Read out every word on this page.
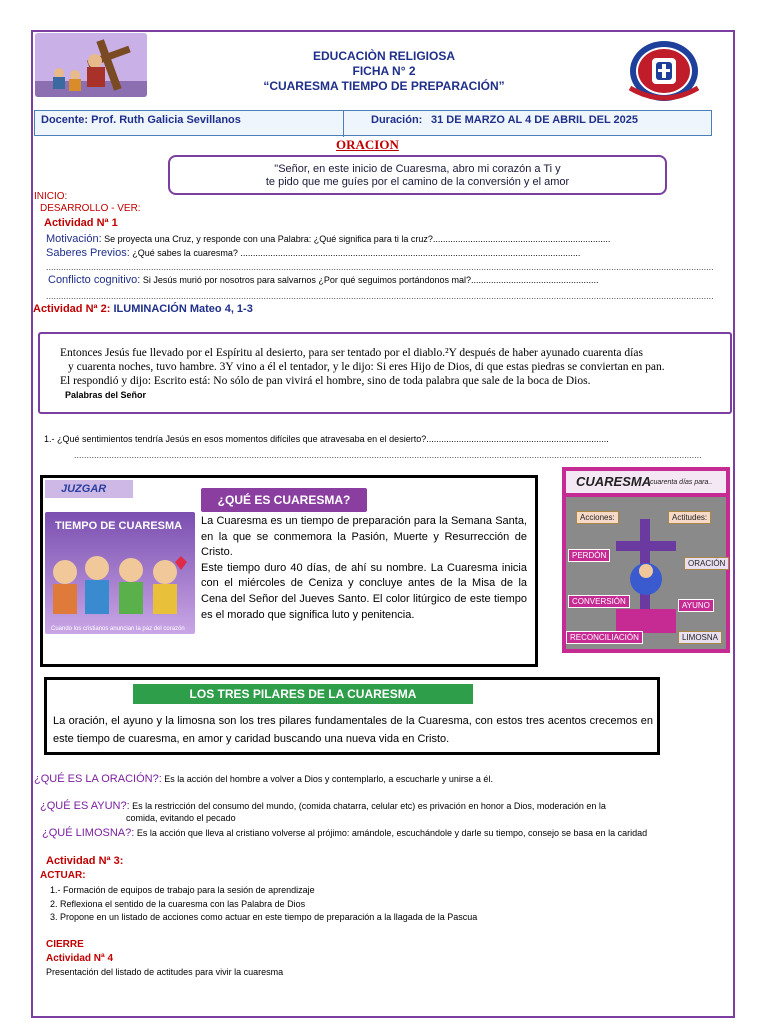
EDUCACIÒN RELIGIOSA
FICHA N° 2
“CUARESMA TIEMPO DE PREPARACIÓN”
Docente: Prof. Ruth Galicia Sevillanos	Duración: 31 DE MARZO AL 4 DE ABRIL DEL 2025
ORACION
"Señor, en este inicio de Cuaresma, abro mi corazón a Ti y
te pido que me guíes por el camino de la conversión y el amor
INICIO:
DESARROLLO - VER:
Actividad Nª 1
Motivación: Se proyecta una Cruz, y responde con una Palabra: ¿Qué significa para ti la cruz?.......................................................................
Saberes Previos: ¿Qué sabes la cuaresma? ........................................................................................................................................
...........................................................................................................................................................................................................................................................................
Conflicto cognitivo: Si Jesús murió por nosotros para salvarnos ¿Por qué seguimos portándonos mal?...................................................
...........................................................................................................................................................................................................................................................................
Actividad Nª 2: ILUMINACIÓN Mateo 4, 1-3

Entonces Jesús fue llevado por el Espíritu al desierto, para ser tentado por el diablo.²Y después de haber ayunado cuarenta días

y cuarenta noches, tuvo hambre. 3Y vino a él el tentador, y le dijo: Si eres Hijo de Dios, di que estas piedras se conviertan en pan.

El respondió y dijo: Escrito está: No sólo de pan vivirá el hombre, sino de toda palabra que sale de la boca de Dios.

Palabras del Señor

1.- ¿Qué sentimientos tendría Jesús en esos momentos difíciles que atravesaba en el desierto?.........................................................................
...........................................................................................................................................................................................................................................................
JUZGAR
¿QUÉ ES CUARESMA?
TIEMPO DE CUARESMA
Cuando los cristianos anuncian la paz del corazón
La Cuaresma es un tiempo de preparación para la Semana Santa, en la que se conmemora la Pasión, Muerte y Resurrección de Cristo.
Este tiempo duro 40 días, de ahí su nombre. La Cuaresma inicia con el miércoles de Ceniza y concluye antes de la Misa de la Cena del Señor del Jueves Santo. El color litúrgico de este tiempo es el morado que significa luto y penitencia.
CUARESMA
cuarenta días para..
Acciones:	Actitudes:
PERDÓN
CONVERSIÓN
RECONCILIACIÓN
ORACIÓN
AYUNO
LIMOSNA
LOS TRES PILARES DE LA CUARESMA
La oración, el ayuno y la limosna son los tres pilares fundamentales de la Cuaresma, con estos tres acentos crecemos en este tiempo de cuaresma, en amor y caridad buscando una nueva vida en Cristo.
¿QUÉ ES LA ORACIÓN?: Es la acción del hombre a volver a Dios y contemplarlo, a escucharle y unirse a él.
¿QUÉ ES AYUN?: Es la restricción del consumo del mundo, (comida chatarra, celular etc) es privación en honor a Dios, moderación en la
comida, evitando el pecado
¿QUÉ LIMOSNA?: Es la acción que lleva al cristiano volverse al prójimo: amándole, escuchándole y darle su tiempo, consejo se basa en la caridad
Actividad Nª 3:
ACTUAR:
1.- Formación de equipos de trabajo para la sesión de aprendizaje
2. Reflexiona el sentido de la cuaresma con las Palabra de Dios
3. Propone en un listado de acciones como actuar en este tiempo de preparación a la llagada de la Pascua
CIERRE
Actividad Nª 4
Presentación del listado de actitudes para vivir la cuaresma
